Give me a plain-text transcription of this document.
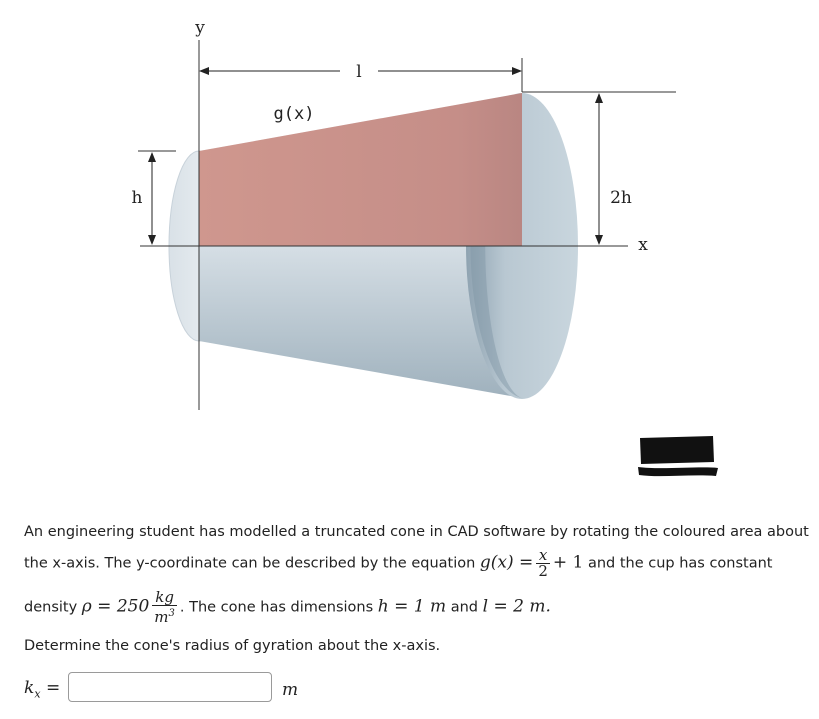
l
h	2h
y
x
g(x)
An engineering student has modelled a truncated cone in CAD software by rotating the coloured area about
the x-axis. The y-coordinate can be described by the equation $g(x) = \frac{x}{2} + 1$ and the cup has constant
density $\rho = 250 \frac{kg}{m^3}$ . The cone has dimensions h = 1 m and l = 2 m.
Determine the cone's radius of gyration about the x-axis.
$k_x$ =	m
